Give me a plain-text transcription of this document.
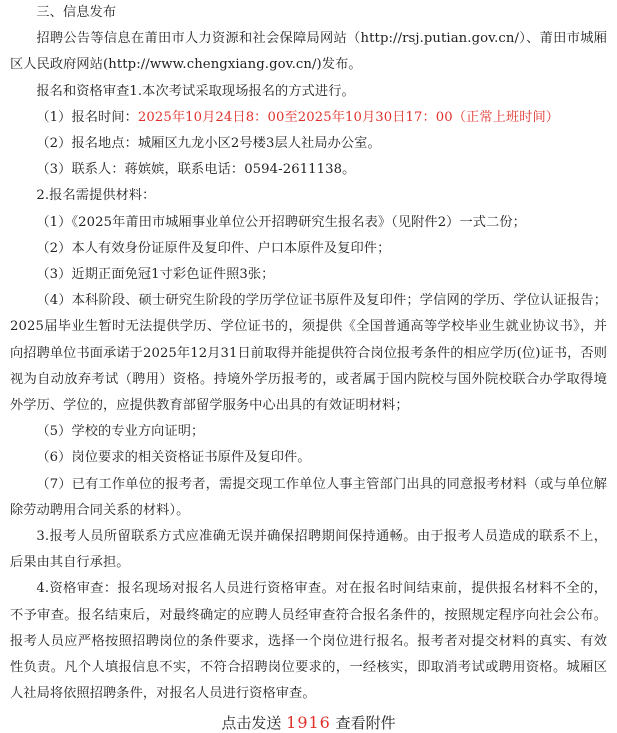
三、信息发布

招聘公告等信息在莆田市人力资源和社会保障局网站（http://rsj.putian.gov.cn/）、莆田市城厢区人民政府网站(http://www.chengxiang.gov.cn/)发布。

报名和资格审查1.本次考试采取现场报名的方式进行。

（1）报名时间：2025年10月24日8：00至2025年10月30日17：00（正常上班时间）

（2）报名地点：城厢区九龙小区2号楼3层人社局办公室。

（3）联系人：蒋嫔嫔，联系电话：0594-2611138。

2.报名需提供材料：

（1）《2025年莆田市城厢事业单位公开招聘研究生报名表》（见附件2）一式二份；

（2）本人有效身份证原件及复印件、户口本原件及复印件；

（3）近期正面免冠1寸彩色证件照3张；

（4）本科阶段、硕士研究生阶段的学历学位证书原件及复印件；学信网的学历、学位认证报告；2025届毕业生暂时无法提供学历、学位证书的，须提供《全国普通高等学校毕业生就业协议书》，并向招聘单位书面承诺于2025年12月31日前取得并能提供符合岗位报考条件的相应学历(位)证书，否则视为自动放弃考试（聘用）资格。持境外学历报考的，或者属于国内院校与国外院校联合办学取得境外学历、学位的，应提供教育部留学服务中心出具的有效证明材料；

（5）学校的专业方向证明；

（6）岗位要求的相关资格证书原件及复印件。

（7）已有工作单位的报考者，需提交现工作单位人事主管部门出具的同意报考材料（或与单位解除劳动聘用合同关系的材料）。

3.报考人员所留联系方式应准确无误并确保招聘期间保持通畅。由于报考人员造成的联系不上，后果由其自行承担。

4.资格审查：报名现场对报名人员进行资格审查。对在报名时间结束前，提供报名材料不全的，不予审查。报名结束后，对最终确定的应聘人员经审查符合报名条件的，按照规定程序向社会公布。报考人员应严格按照招聘岗位的条件要求，选择一个岗位进行报名。报考者对提交材料的真实、有效性负责。凡个人填报信息不实，不符合招聘岗位要求的，一经核实，即取消考试或聘用资格。城厢区人社局将依照招聘条件，对报名人员进行资格审查。

点击发送 1916 查看附件
